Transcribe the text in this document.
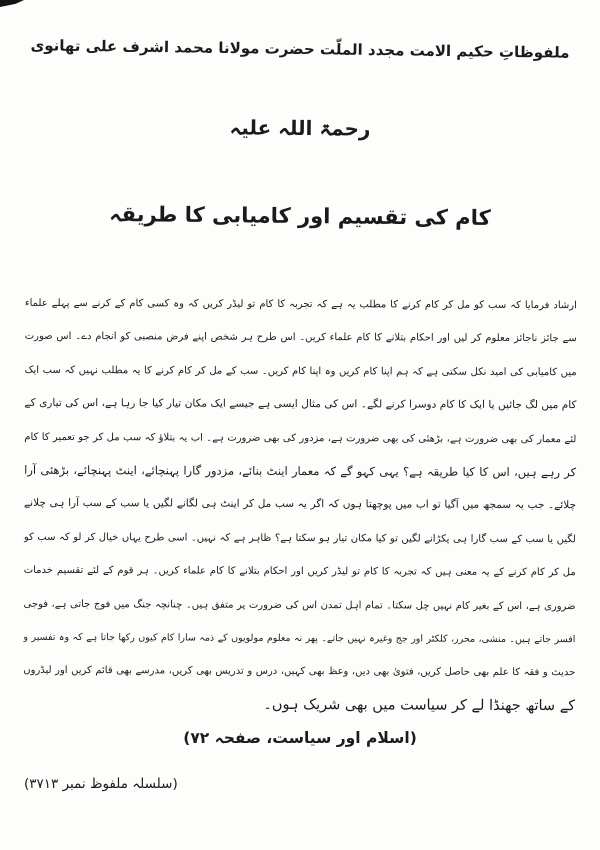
ملفوظاتِ حکیم الامت مجدد الملّت حضرت مولانا محمد اشرف علی تھانوی
رحمۃ اللہ علیہ
کام کی تقسیم اور کامیابی کا طریقہ
ارشاد فرمایا کہ سب کو مل کر کام کرنے کا مطلب یہ ہے کہ تجربہ کا کام تو لیڈر کریں کہ وہ کسی کام کے کرنے سے پہلے علماء
سے جائز ناجائز معلوم کر لیں اور احکام بتلانے کا کام علماء کریں۔ اس طرح ہر شخص اپنے فرض منصبی کو انجام دے۔ اس صورت
میں کامیابی کی امید نکل سکتی ہے کہ ہم اپنا کام کریں وہ اپنا کام کریں۔ سب کے مل کر کام کرنے کا یہ مطلب نہیں کہ سب ایک
کام میں لگ جائیں یا ایک کا کام دوسرا کرنے لگے۔ اس کی مثال ایسی ہے جیسے ایک مکان تیار کیا جا رہا ہے، اس کی تیاری کے
لئے معمار کی بھی ضرورت ہے، بڑھئی کی بھی ضرورت ہے، مزدور کی بھی ضرورت ہے۔ اب یہ بتلاؤ کہ سب مل کر جو تعمیر کا کام
کر رہے ہیں، اس کا کیا طریقہ ہے؟ یہی کہو گے کہ معمار اینٹ بنائے، مزدور گارا پہنچائے، اینٹ پہنچائے، بڑھئی آرا
چلائے۔ جب یہ سمجھ میں آگیا تو اب میں پوچھتا ہوں کہ اگر یہ سب مل کر اینٹ ہی لگانے لگیں یا سب کے سب آرا ہی چلانے
لگیں یا سب کے سب گارا ہی پکڑانے لگیں تو کیا مکان تیار ہو سکتا ہے؟ ظاہر ہے کہ نہیں۔ اسی طرح یہاں خیال کر لو کہ سب کو
مل کر کام کرنے کے یہ معنی ہیں کہ تجربہ کا کام تو لیڈر کریں اور احکام بتلانے کا کام علماء کریں۔ ہر قوم کے لئے تقسیم خدمات
ضروری ہے، اس کے بغیر کام نہیں چل سکتا۔ تمام اہل تمدن اس کی ضرورت پر متفق ہیں۔ چنانچہ جنگ میں فوج جاتی ہے، فوجی
افسر جاتے ہیں۔ منشی، محرر، کلکٹر اور جج وغیرہ نہیں جاتے۔ پھر نہ معلوم مولویوں کے ذمہ سارا کام کیوں رکھا جاتا ہے کہ وہ تفسیر و
حدیث و فقہ کا علم بھی حاصل کریں، فتویٰ بھی دیں، وعظ بھی کہیں، درس و تدریس بھی کریں، مدرسے بھی قائم کریں اور لیڈروں
کے ساتھ جھنڈا لے کر سیاست میں بھی شریک ہوں۔
(اسلام اور سیاست، صفحہ ۷۲)
(سلسلہ ملفوظ نمبر ۳۷۱۳)
